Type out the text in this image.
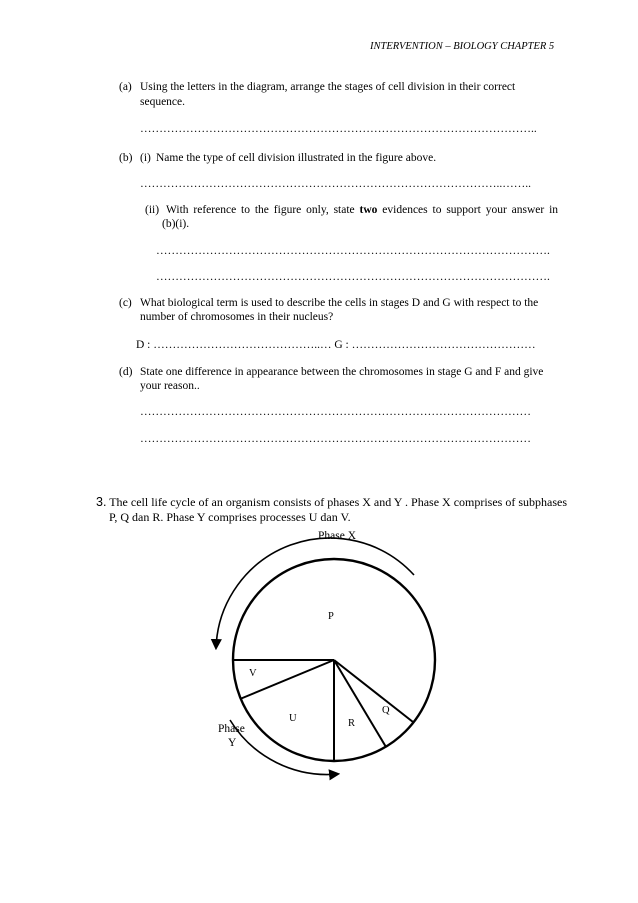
INTERVENTION – BIOLOGY CHAPTER 5
(a) Using the letters in the diagram, arrange the stages of cell division in their correct
sequence.
…………………………………………………………………………………………..
(b) (i) Name the type of cell division illustrated in the figure above.
…………………………………………………………………………………..……..
(ii) With reference to the figure only, state two evidences to support your answer in
(b)(i).
………………………………………………………………………………………….
………………………………………………………………………………………….
(c) What biological term is used to describe the cells in stages D and G with respect to the
number of chromosomes in their nucleus?
D : ……………………………………..… G : …………………………………………
(d) State one difference in appearance between the chromosomes in stage G and F and give
your reason..
…………………………………………………………………………………………
…………………………………………………………………………………………
3. The cell life cycle of an organism consists of phases X and Y . Phase X comprises of subphases
P, Q dan R. Phase Y comprises processes U dan V.
Phase X
Phase
Y
P
V
U	R
Q
